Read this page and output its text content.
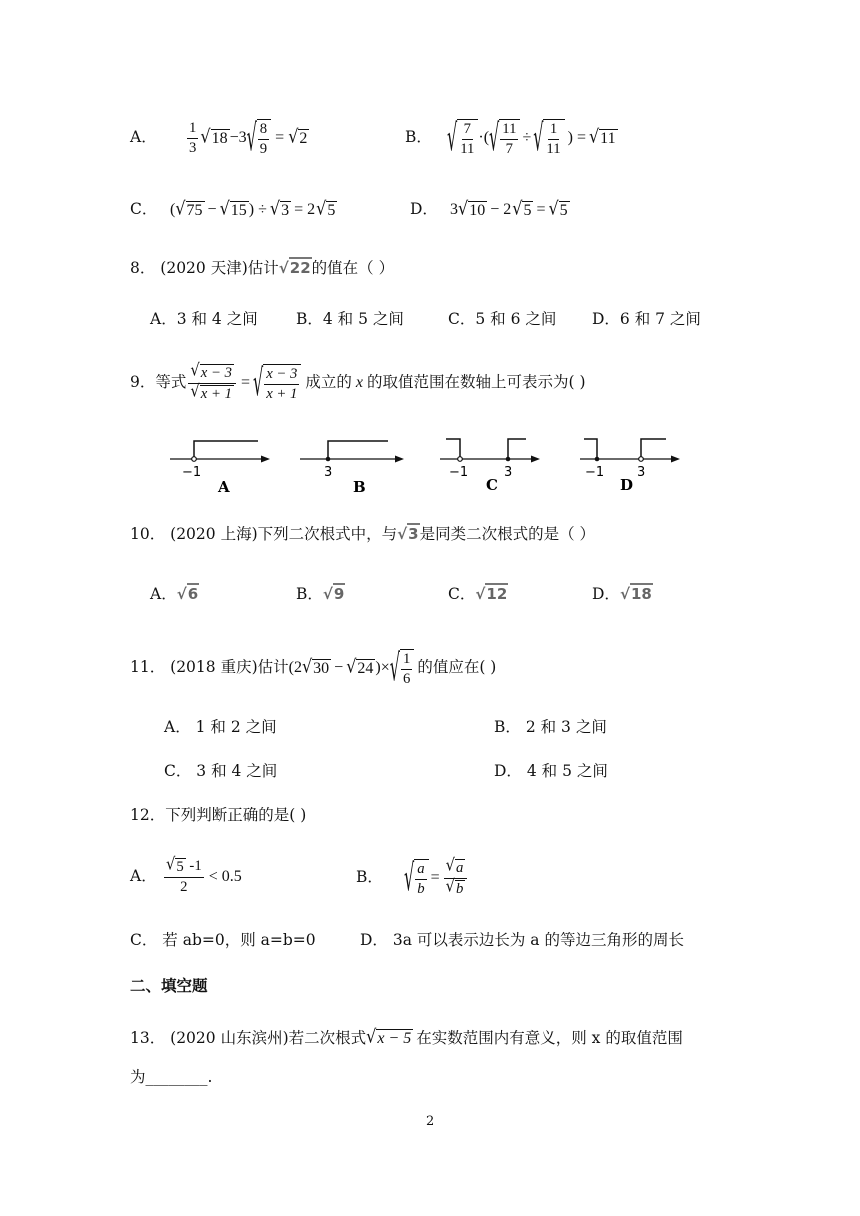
A．	$\frac{1}{3}$ √ 18 −3 √ $\frac{8}{9}$ = √ 2	B． √ $\frac{7}{11}$ ·( √ $\frac{11}{7}$ ÷ √ $\frac{1}{11}$ ) = √ 11
C． ( √ 75 − √ 15 ) ÷ √ 3 = 2 √ 5	D． 3 √ 10 − 2 √ 5 = √ 5
8． (2020 天津)估计 √22 的值在（ ）
A．3 和 4 之间 B．4 和 5 之间	C．5 和 6 之间 D．6 和 7 之间
9．等式 $\frac{√ x - 3}{√ x + 1}$ = √ $\frac{x - 3}{x + 1}$ 成立的 x 的取值范围在数轴上可表示为( )
−1
A
3
B
−1	3
C
−1	3
D
10． (2020 上海)下列二次根式中，与 √3 是同类二次根式的是（ ）
A． √6	B． √9	C． √12	D． √18
11． (2018 重庆)估计 (2 √ 30 − √ 24 )× √ $\frac{1}{6}$ 的值应在( )
A． 1 和 2 之间	B． 2 和 3 之间
C． 3 和 4 之间	D． 4 和 5 之间
12．下列判断正确的是( )
A． $\frac{√ 5 -1}{2} < 0.5$	B．	√ $\frac{a}{b} = \frac{√ a}{√ b}$
C． 若 ab=0，则 a=b=0	D． 3a 可以表示边长为 a 的等边三角形的周长
二、填空题
13． (2020 山东滨州)若二次根式 √ x − 5 在实数范围内有意义，则 x 的取值范围
为________.
2
